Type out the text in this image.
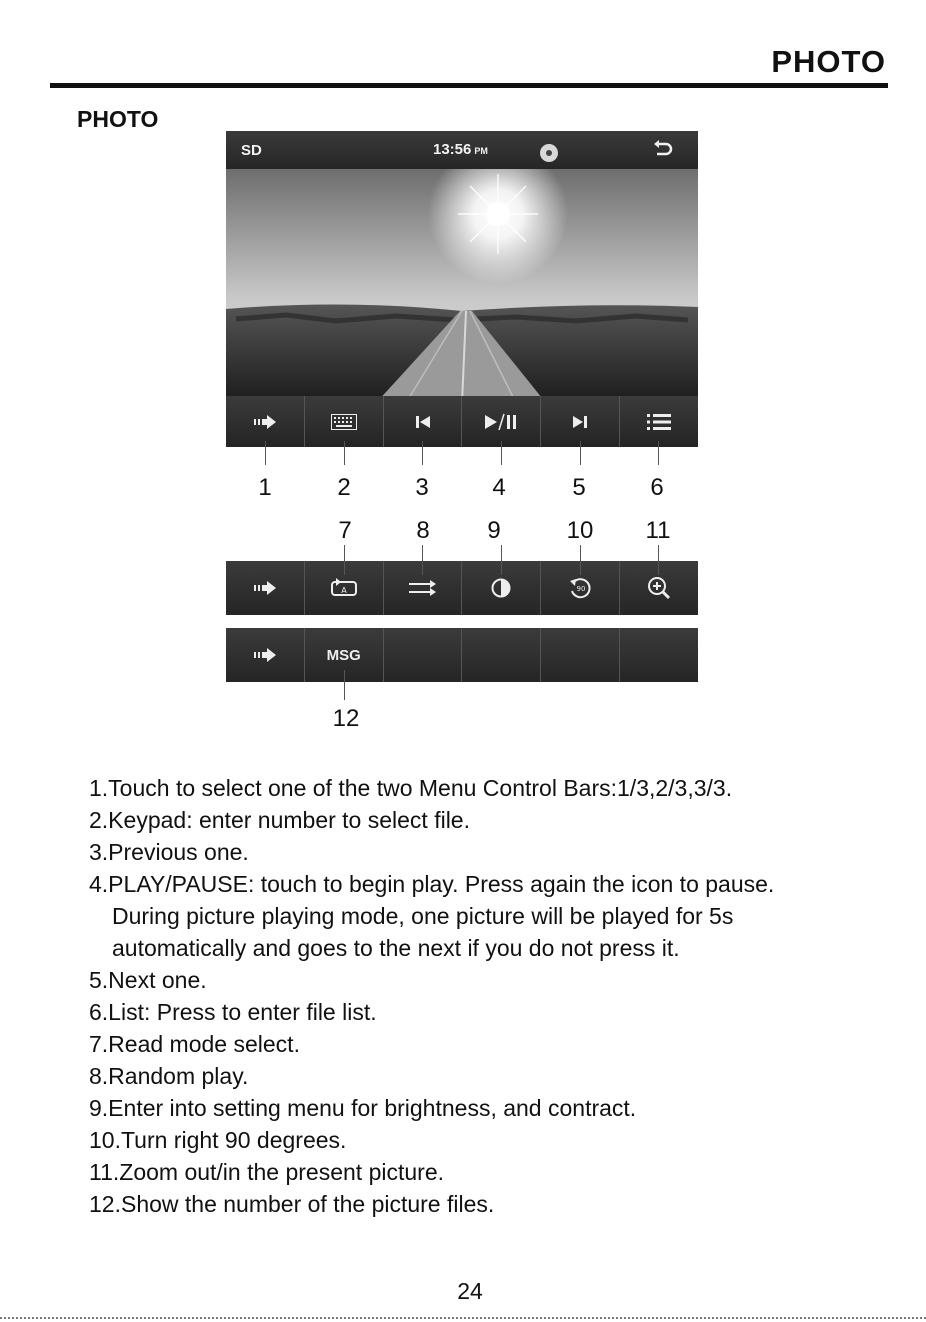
PHOTO
PHOTO
SD	13:56 PM
A	90
MSG
1	2	3	4	5	6
7	8	9	10	11
12
1.Touch to select one of the two Menu Control Bars:1/3,2/3,3/3.
2.Keypad: enter number to select file.
3.Previous one.
4.PLAY/PAUSE: touch to begin play. Press again the icon to pause.
During picture playing mode, one picture will be played for 5s
automatically and goes to the next if you do not press it.
5.Next one.
6.List: Press to enter file list.
7.Read mode select.
8.Random play.
9.Enter into setting menu for brightness, and contract.
10.Turn right 90 degrees.
11.Zoom out/in the present picture.
12.Show the number of the picture files.
24
